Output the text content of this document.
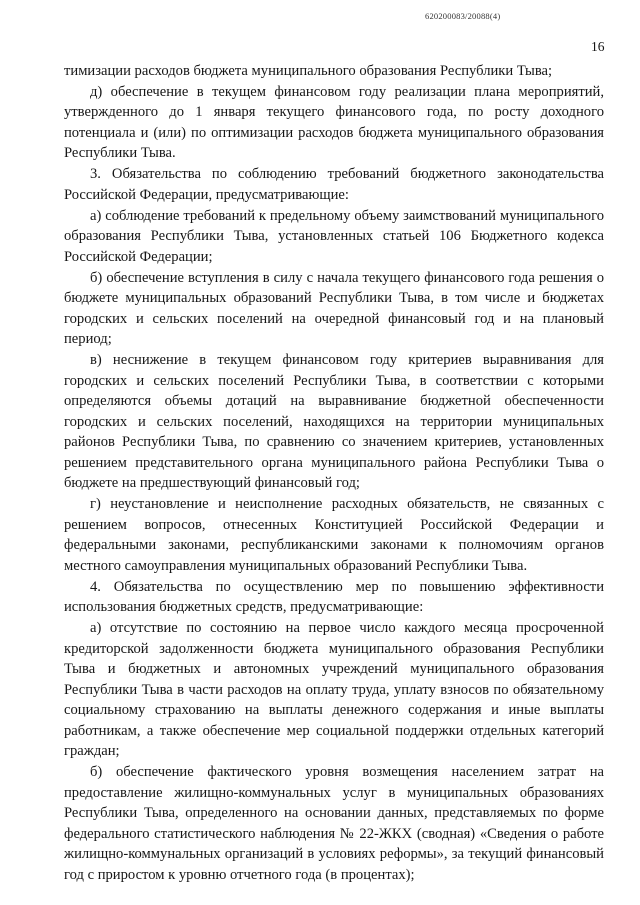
620200083/20088(4)
16

тимизации расходов бюджета муниципального образования Республики Тыва;

д) обеспечение в текущем финансовом году реализации плана мероприятий, утвержденного до 1 января текущего финансового года, по росту доходного потенциала и (или) по оптимизации расходов бюджета муниципального образования Республики Тыва.

3. Обязательства по соблюдению требований бюджетного законодательства Российской Федерации, предусматривающие:

а) соблюдение требований к предельному объему заимствований муниципального образования Республики Тыва, установленных статьей 106 Бюджетного кодекса Российской Федерации;

б) обеспечение вступления в силу с начала текущего финансового года решения о бюджете муниципальных образований Республики Тыва, в том числе и бюджетах городских и сельских поселений на очередной финансовый год и на плановый период;

в) неснижение в текущем финансовом году критериев выравнивания для городских и сельских поселений Республики Тыва, в соответствии с которыми определяются объемы дотаций на выравнивание бюджетной обеспеченности городских и сельских поселений, находящихся на территории муниципальных районов Республики Тыва, по сравнению со значением критериев, установленных решением представительного органа муниципального района Республики Тыва о бюджете на предшествующий финансовый год;

г) неустановление и неисполнение расходных обязательств, не связанных с решением вопросов, отнесенных Конституцией Российской Федерации и федеральными законами, республиканскими законами к полномочиям органов местного самоуправления муниципальных образований Республики Тыва.

4. Обязательства по осуществлению мер по повышению эффективности использования бюджетных средств, предусматривающие:

а) отсутствие по состоянию на первое число каждого месяца просроченной кредиторской задолженности бюджета муниципального образования Республики Тыва и бюджетных и автономных учреждений муниципального образования Республики Тыва в части расходов на оплату труда, уплату взносов по обязательному социальному страхованию на выплаты денежного содержания и иные выплаты работникам, а также обеспечение мер социальной поддержки отдельных категорий граждан;

б) обеспечение фактического уровня возмещения населением затрат на предоставление жилищно-коммунальных услуг в муниципальных образованиях Республики Тыва, определенного на основании данных, представляемых по форме федерального статистического наблюдения № 22-ЖКХ (сводная) «Сведения о работе жилищно-коммунальных организаций в условиях реформы», за текущий финансовый год с приростом к уровню отчетного года (в процентах);
